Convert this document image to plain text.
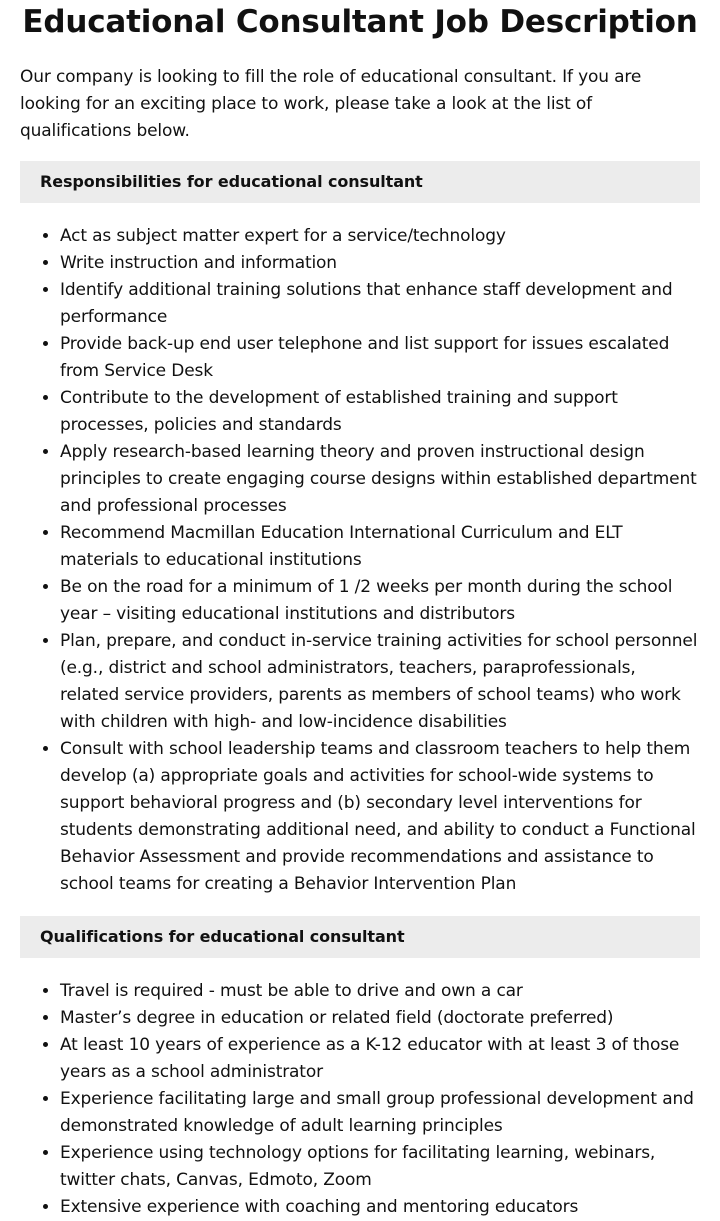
Educational Consultant Job Description

Our company is looking to fill the role of educational consultant. If you are looking for an exciting place to work, please take a look at the list of qualifications below.

Responsibilities for educational consultant
• Act as subject matter expert for a service/technology
• Write instruction and information
• Identify additional training solutions that enhance staff development and performance
• Provide back-up end user telephone and list support for issues escalated from Service Desk
• Contribute to the development of established training and support processes, policies and standards
• Apply research-based learning theory and proven instructional design principles to create engaging course designs within established department and professional processes
• Recommend Macmillan Education International Curriculum and ELT materials to educational institutions
• Be on the road for a minimum of 1 /2 weeks per month during the school year – visiting educational institutions and distributors
• Plan, prepare, and conduct in-service training activities for school personnel (e.g., district and school administrators, teachers, paraprofessionals, related service providers, parents as members of school teams) who work with children with high- and low-incidence disabilities
• Consult with school leadership teams and classroom teachers to help them develop (a) appropriate goals and activities for school-wide systems to support behavioral progress and (b) secondary level interventions for students demonstrating additional need, and ability to conduct a Functional Behavior Assessment and provide recommendations and assistance to school teams for creating a Behavior Intervention Plan
Qualifications for educational consultant
• Travel is required - must be able to drive and own a car
• Master’s degree in education or related field (doctorate preferred)
• At least 10 years of experience as a K-12 educator with at least 3 of those years as a school administrator
• Experience facilitating large and small group professional development and demonstrated knowledge of adult learning principles
• Experience using technology options for facilitating learning, webinars, twitter chats, Canvas, Edmoto, Zoom
• Extensive experience with coaching and mentoring educators
